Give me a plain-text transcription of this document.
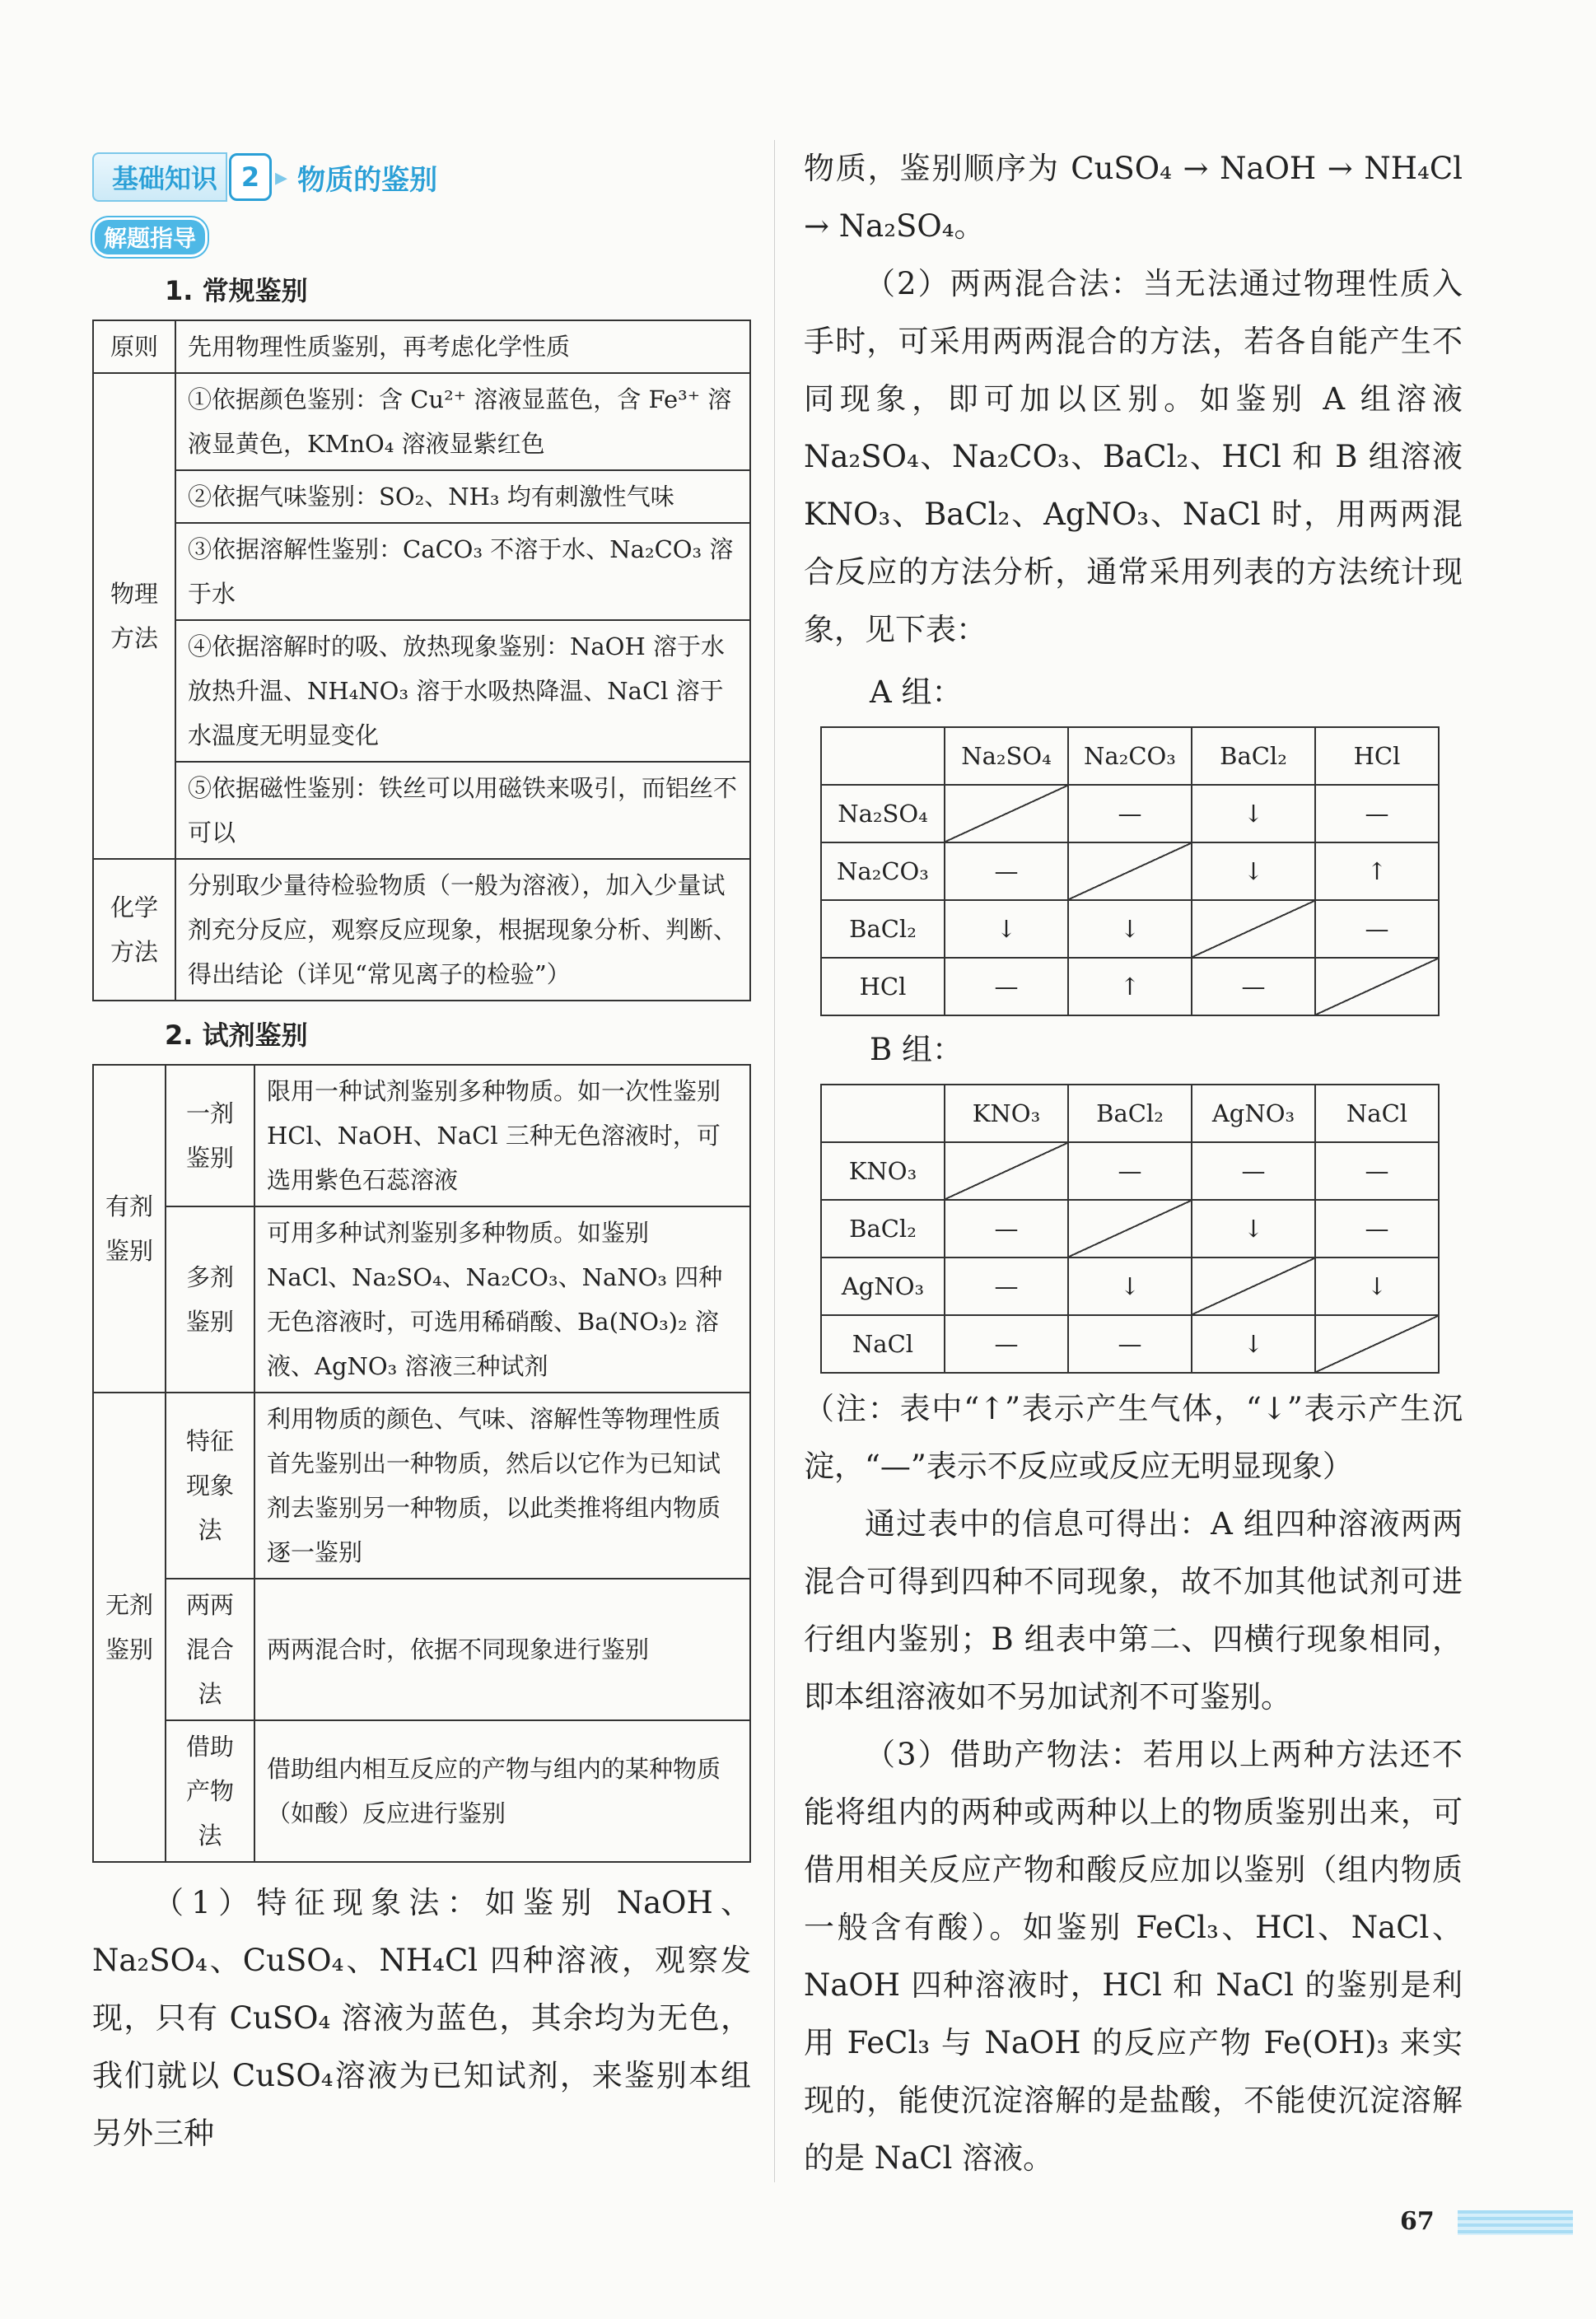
基础知识 2 ▸ 物质的鉴别
解题指导
1. 常规鉴别
原则	先用物理性质鉴别，再考虑化学性质
物理方法	①依据颜色鉴别：含 Cu²⁺ 溶液显蓝色，含 Fe³⁺ 溶液显黄色，KMnO₄ 溶液显紫红色
	②依据气味鉴别：SO₂、NH₃ 均有刺激性气味
	③依据溶解性鉴别：CaCO₃ 不溶于水、Na₂CO₃ 溶于水
	④依据溶解时的吸、放热现象鉴别：NaOH 溶于水放热升温、NH₄NO₃ 溶于水吸热降温、NaCl 溶于水温度无明显变化
	⑤依据磁性鉴别：铁丝可以用磁铁来吸引，而铝丝不可以
化学方法	分别取少量待检验物质（一般为溶液），加入少量试剂充分反应，观察反应现象，根据现象分析、判断、得出结论（详见“常见离子的检验”）
2. 试剂鉴别
有剂鉴别	一剂鉴别	限用一种试剂鉴别多种物质。如一次性鉴别 HCl、NaOH、NaCl 三种无色溶液时，可选用紫色石蕊溶液
	多剂鉴别	可用多种试剂鉴别多种物质。如鉴别 NaCl、Na₂SO₄、Na₂CO₃、NaNO₃ 四种无色溶液时，可选用稀硝酸、Ba(NO₃)₂ 溶液、AgNO₃ 溶液三种试剂
无剂鉴别	特征现象法	利用物质的颜色、气味、溶解性等物理性质首先鉴别出一种物质，然后以它作为已知试剂去鉴别另一种物质，以此类推将组内物质逐一鉴别
	两两混合法	两两混合时，依据不同现象进行鉴别
	借助产物法	借助组内相互反应的产物与组内的某种物质（如酸）反应进行鉴别

（1）特征现象法：如鉴别 NaOH、Na₂SO₄、CuSO₄、NH₄Cl 四种溶液，观察发现，只有 CuSO₄ 溶液为蓝色，其余均为无色，我们就以 CuSO₄溶液为已知试剂，来鉴别本组另外三种

物质，鉴别顺序为 CuSO₄ → NaOH → NH₄Cl → Na₂SO₄。

（2）两两混合法：当无法通过物理性质入手时，可采用两两混合的方法，若各自能产生不同现象，即可加以区别。如鉴别 A 组溶液 Na₂SO₄、Na₂CO₃、BaCl₂、HCl 和 B 组溶液 KNO₃、BaCl₂、AgNO₃、NaCl 时，用两两混合反应的方法分析，通常采用列表的方法统计现象，见下表：

A 组：
	Na₂SO₄	Na₂CO₃	BaCl₂	HCl
Na₂SO₄		—	↓	—
Na₂CO₃	—		↓	↑
BaCl₂	↓	↓		—
HCl	—	↑	—	
B 组：
	KNO₃	BaCl₂	AgNO₃	NaCl
KNO₃		—	—	—
BaCl₂	—		↓	—
AgNO₃	—	↓		↓
NaCl	—	—	↓	

（注：表中“↑”表示产生气体，“↓”表示产生沉淀，“—”表示不反应或反应无明显现象）

通过表中的信息可得出：A 组四种溶液两两混合可得到四种不同现象，故不加其他试剂可进行组内鉴别；B 组表中第二、四横行现象相同，即本组溶液如不另加试剂不可鉴别。

（3）借助产物法：若用以上两种方法还不能将组内的两种或两种以上的物质鉴别出来，可借用相关反应产物和酸反应加以鉴别（组内物质一般含有酸）。如鉴别 FeCl₃、HCl、NaCl、NaOH 四种溶液时，HCl 和 NaCl 的鉴别是利用 FeCl₃ 与 NaOH 的反应产物 Fe(OH)₃ 来实现的，能使沉淀溶解的是盐酸，不能使沉淀溶解的是 NaCl 溶液。

67
